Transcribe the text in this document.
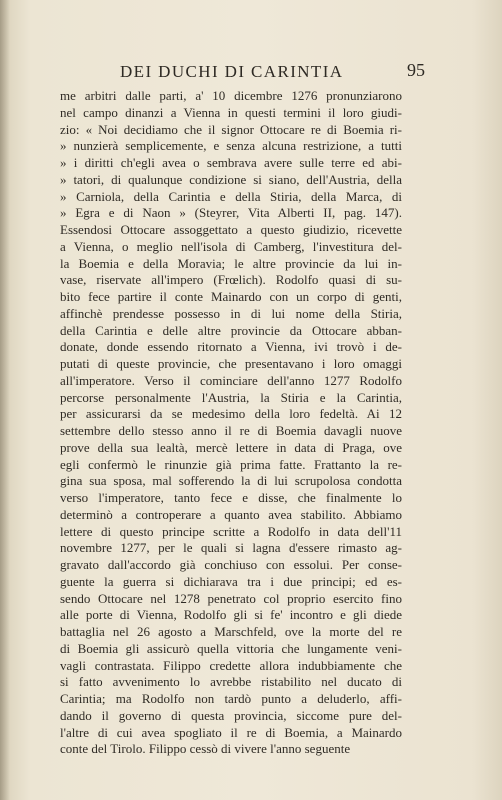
DEI DUCHI DI CARINTIA	95
me arbitri dalle parti, a' 10 dicembre 1276 pronunziarono
nel campo dinanzi a Vienna in questi termini il loro giudi-
zio: « Noi decidiamo che il signor Ottocare re di Boemia ri-
» nunzierà semplicemente, e senza alcuna restrizione, a tutti
» i diritti ch'egli avea o sembrava avere sulle terre ed abi-
» tatori, di qualunque condizione si siano, dell'Austria, della
» Carniola, della Carintia e della Stiria, della Marca, di
» Egra e di Naon » (Steyrer, Vita Alberti II, pag. 147).
Essendosi Ottocare assoggettato a questo giudizio, ricevette
a Vienna, o meglio nell'isola di Camberg, l'investitura del-
la Boemia e della Moravia; le altre provincie da lui in-
vase, riservate all'impero (Frœlich). Rodolfo quasi di su-
bito fece partire il conte Mainardo con un corpo di genti,
affinchè prendesse possesso in di lui nome della Stiria,
della Carintia e delle altre provincie da Ottocare abban-
donate, donde essendo ritornato a Vienna, ivi trovò i de-
putati di queste provincie, che presentavano i loro omaggi
all'imperatore. Verso il cominciare dell'anno 1277 Rodolfo
percorse personalmente l'Austria, la Stiria e la Carintia,
per assicurarsi da se medesimo della loro fedeltà. Ai 12
settembre dello stesso anno il re di Boemia davagli nuove
prove della sua lealtà, mercè lettere in data di Praga, ove
egli confermò le rinunzie già prima fatte. Frattanto la re-
gina sua sposa, mal sofferendo la di lui scrupolosa condotta
verso l'imperatore, tanto fece e disse, che finalmente lo
determinò a controperare a quanto avea stabilito. Abbiamo
lettere di questo principe scritte a Rodolfo in data dell'11
novembre 1277, per le quali si lagna d'essere rimasto ag-
gravato dall'accordo già conchiuso con essolui. Per conse-
guente la guerra si dichiarava tra i due principi; ed es-
sendo Ottocare nel 1278 penetrato col proprio esercito fino
alle porte di Vienna, Rodolfo gli si fe' incontro e gli diede
battaglia nel 26 agosto a Marschfeld, ove la morte del re
di Boemia gli assicurò quella vittoria che lungamente veni-
vagli contrastata. Filippo credette allora indubbiamente che
si fatto avvenimento lo avrebbe ristabilito nel ducato di
Carintia; ma Rodolfo non tardò punto a deluderlo, affi-
dando il governo di questa provincia, siccome pure del-
l'altre di cui avea spogliato il re di Boemia, a Mainardo
conte del Tirolo. Filippo cessò di vivere l'anno seguente
